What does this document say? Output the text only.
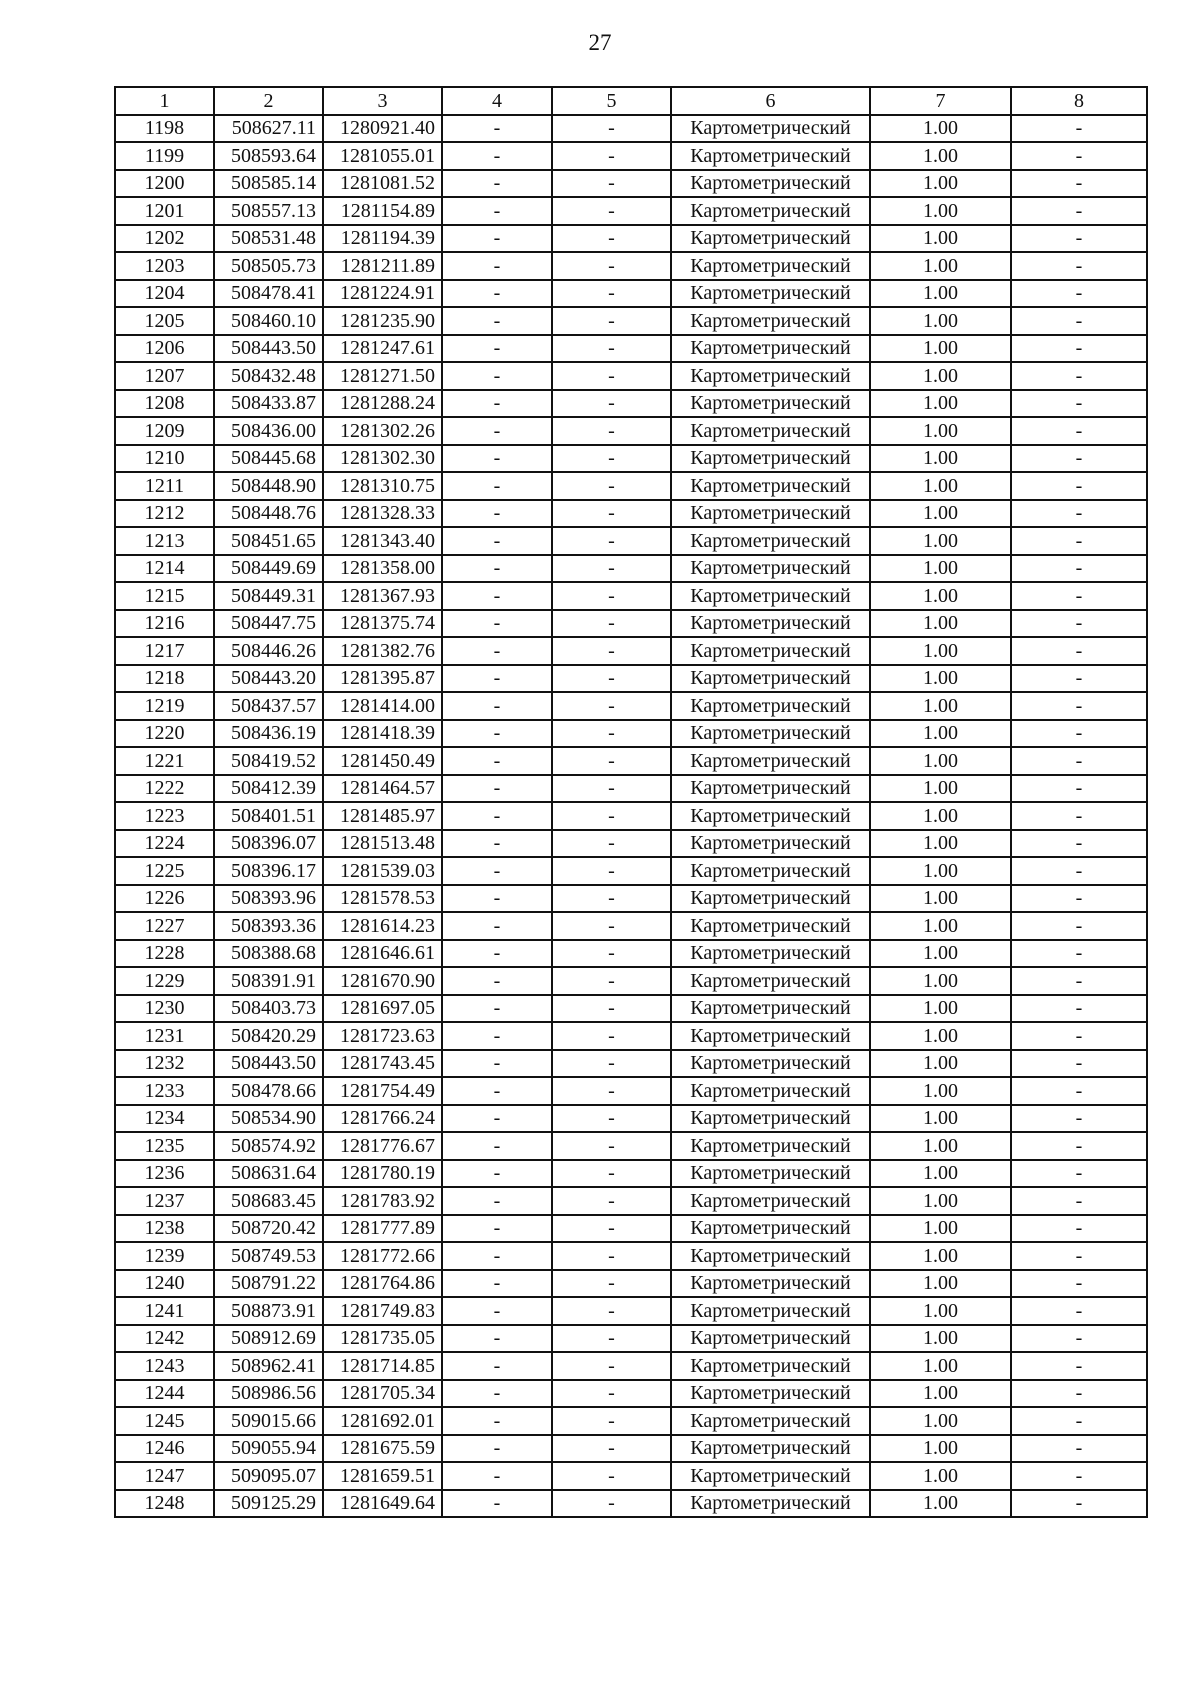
27
1	2	3	4	5	6	7	8
1198	508627.11	1280921.40	-	-	Картометрический	1.00	-
1199	508593.64	1281055.01	-	-	Картометрический	1.00	-
1200	508585.14	1281081.52	-	-	Картометрический	1.00	-
1201	508557.13	1281154.89	-	-	Картометрический	1.00	-
1202	508531.48	1281194.39	-	-	Картометрический	1.00	-
1203	508505.73	1281211.89	-	-	Картометрический	1.00	-
1204	508478.41	1281224.91	-	-	Картометрический	1.00	-
1205	508460.10	1281235.90	-	-	Картометрический	1.00	-
1206	508443.50	1281247.61	-	-	Картометрический	1.00	-
1207	508432.48	1281271.50	-	-	Картометрический	1.00	-
1208	508433.87	1281288.24	-	-	Картометрический	1.00	-
1209	508436.00	1281302.26	-	-	Картометрический	1.00	-
1210	508445.68	1281302.30	-	-	Картометрический	1.00	-
1211	508448.90	1281310.75	-	-	Картометрический	1.00	-
1212	508448.76	1281328.33	-	-	Картометрический	1.00	-
1213	508451.65	1281343.40	-	-	Картометрический	1.00	-
1214	508449.69	1281358.00	-	-	Картометрический	1.00	-
1215	508449.31	1281367.93	-	-	Картометрический	1.00	-
1216	508447.75	1281375.74	-	-	Картометрический	1.00	-
1217	508446.26	1281382.76	-	-	Картометрический	1.00	-
1218	508443.20	1281395.87	-	-	Картометрический	1.00	-
1219	508437.57	1281414.00	-	-	Картометрический	1.00	-
1220	508436.19	1281418.39	-	-	Картометрический	1.00	-
1221	508419.52	1281450.49	-	-	Картометрический	1.00	-
1222	508412.39	1281464.57	-	-	Картометрический	1.00	-
1223	508401.51	1281485.97	-	-	Картометрический	1.00	-
1224	508396.07	1281513.48	-	-	Картометрический	1.00	-
1225	508396.17	1281539.03	-	-	Картометрический	1.00	-
1226	508393.96	1281578.53	-	-	Картометрический	1.00	-
1227	508393.36	1281614.23	-	-	Картометрический	1.00	-
1228	508388.68	1281646.61	-	-	Картометрический	1.00	-
1229	508391.91	1281670.90	-	-	Картометрический	1.00	-
1230	508403.73	1281697.05	-	-	Картометрический	1.00	-
1231	508420.29	1281723.63	-	-	Картометрический	1.00	-
1232	508443.50	1281743.45	-	-	Картометрический	1.00	-
1233	508478.66	1281754.49	-	-	Картометрический	1.00	-
1234	508534.90	1281766.24	-	-	Картометрический	1.00	-
1235	508574.92	1281776.67	-	-	Картометрический	1.00	-
1236	508631.64	1281780.19	-	-	Картометрический	1.00	-
1237	508683.45	1281783.92	-	-	Картометрический	1.00	-
1238	508720.42	1281777.89	-	-	Картометрический	1.00	-
1239	508749.53	1281772.66	-	-	Картометрический	1.00	-
1240	508791.22	1281764.86	-	-	Картометрический	1.00	-
1241	508873.91	1281749.83	-	-	Картометрический	1.00	-
1242	508912.69	1281735.05	-	-	Картометрический	1.00	-
1243	508962.41	1281714.85	-	-	Картометрический	1.00	-
1244	508986.56	1281705.34	-	-	Картометрический	1.00	-
1245	509015.66	1281692.01	-	-	Картометрический	1.00	-
1246	509055.94	1281675.59	-	-	Картометрический	1.00	-
1247	509095.07	1281659.51	-	-	Картометрический	1.00	-
1248	509125.29	1281649.64	-	-	Картометрический	1.00	-
